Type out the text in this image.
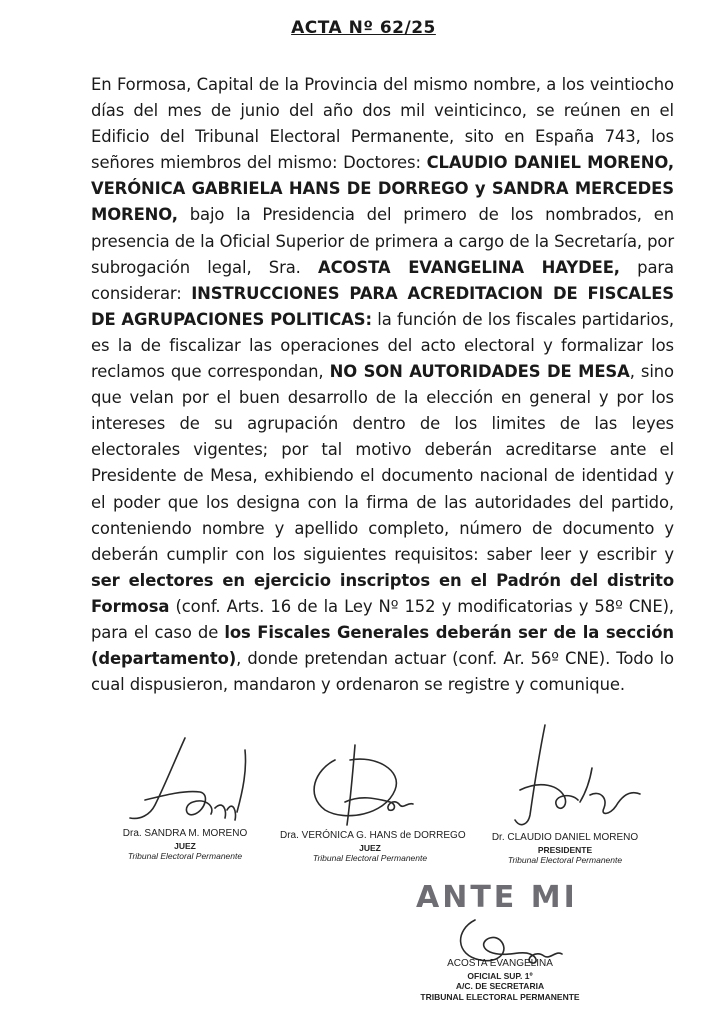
ACTA Nº 62/25
En Formosa, Capital de la Provincia del mismo nombre, a los veintiocho días del mes de junio del año dos mil veinticinco, se reúnen en el Edificio del Tribunal Electoral Permanente, sito en España 743, los señores miembros del mismo: Doctores: CLAUDIO DANIEL MORENO, VERÓNICA GABRIELA HANS DE DORREGO y SANDRA MERCEDES MORENO, bajo la Presidencia del primero de los nombrados, en presencia de la Oficial Superior de primera a cargo de la Secretaría, por subrogación legal, Sra. ACOSTA EVANGELINA HAYDEE, para considerar: INSTRUCCIONES PARA ACREDITACION DE FISCALES DE AGRUPACIONES POLITICAS: la función de los fiscales partidarios, es la de fiscalizar las operaciones del acto electoral y formalizar los reclamos que correspondan, NO SON AUTORIDADES DE MESA, sino que velan por el buen desarrollo de la elección en general y por los intereses de su agrupación dentro de los limites de las leyes electorales vigentes; por tal motivo deberán acreditarse ante el Presidente de Mesa, exhibiendo el documento nacional de identidad y el poder que los designa con la firma de las autoridades del partido, conteniendo nombre y apellido completo, número de documento y deberán cumplir con los siguientes requisitos: saber leer y escribir y ser electores en ejercicio inscriptos en el Padrón del distrito Formosa (conf. Arts. 16 de la Ley Nº 152 y modificatorias y 58º CNE), para el caso de los Fiscales Generales deberán ser de la sección (departamento), donde pretendan actuar (conf. Ar. 56º CNE). Todo lo cual dispusieron, mandaron y ordenaron se registre y comunique.
Dra. SANDRA M. MORENO
JUEZ
Tribunal Electoral Permanente
Dra. VERÓNICA G. HANS de DORREGO
JUEZ
Tribunal Electoral Permanente
Dr. CLAUDIO DANIEL MORENO
PRESIDENTE
Tribunal Electoral Permanente
ANTE MI
ACOSTA EVANGELINA
OFICIAL SUP. 1º
A/C. DE SECRETARIA
TRIBUNAL ELECTORAL PERMANENTE
